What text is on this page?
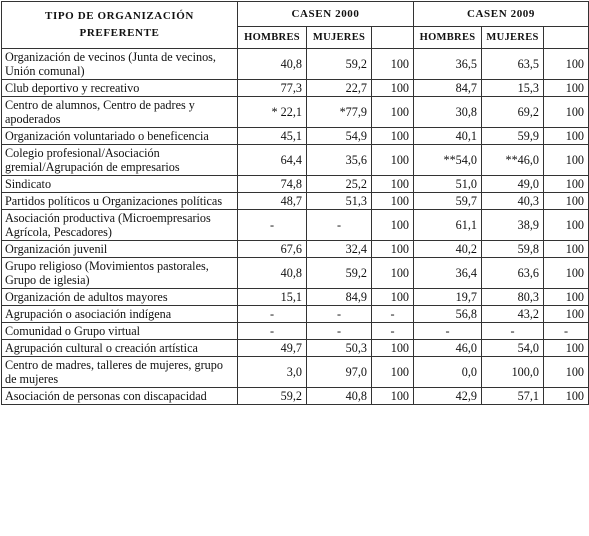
TIPO DE ORGANIZACIÓN
PREFERENTE	CASEN 2000			CASEN 2009		
	HOMBRES	MUJERES		HOMBRES	MUJERES	
Organización de vecinos (Junta de vecinos, Unión comunal)	40,8	59,2	100	36,5	63,5	100
Club deportivo y recreativo	77,3	22,7	100	84,7	15,3	100
Centro de alumnos, Centro de padres y apoderados	* 22,1	*77,9	100	30,8	69,2	100
Organización voluntariado o beneficencia	45,1	54,9	100	40,1	59,9	100
Colegio profesional/Asociación gremial/Agrupación de empresarios	64,4	35,6	100	**54,0	**46,0	100
Sindicato	74,8	25,2	100	51,0	49,0	100
Partidos políticos u Organizaciones políticas	48,7	51,3	100	59,7	40,3	100
Asociación productiva (Microempresarios Agrícola, Pescadores)	-	-	100	61,1	38,9	100
Organización juvenil	67,6	32,4	100	40,2	59,8	100
Grupo religioso (Movimientos pastorales, Grupo de iglesia)	40,8	59,2	100	36,4	63,6	100
Organización de adultos mayores	15,1	84,9	100	19,7	80,3	100
Agrupación o asociación indígena	-	-	-	56,8	43,2	100
Comunidad o Grupo virtual	-	-	-	-	-	-
Agrupación cultural o creación artística	49,7	50,3	100	46,0	54,0	100
Centro de madres, talleres de mujeres, grupo de mujeres	3,0	97,0	100	0,0	100,0	100
Asociación de personas con discapacidad	59,2	40,8	100	42,9	57,1	100
